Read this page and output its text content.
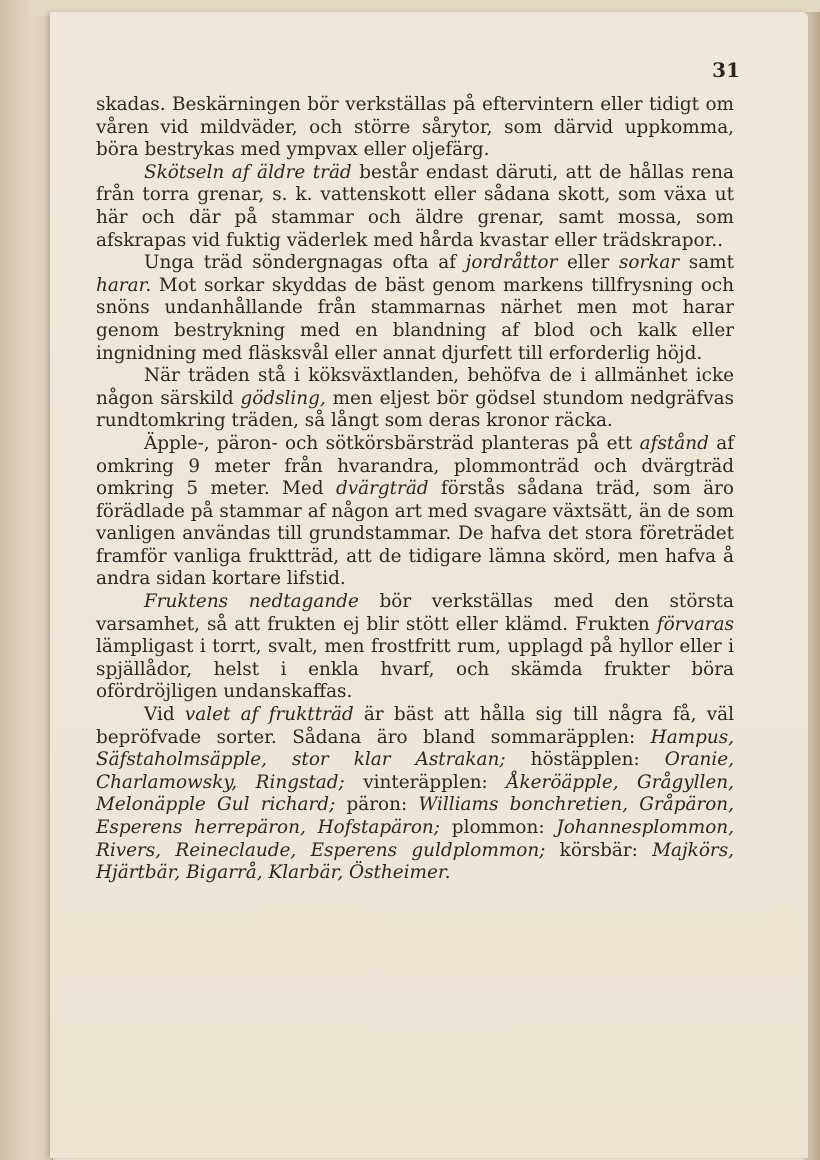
31

skadas. Beskärningen bör verkställas på eftervintern eller tidigt om våren vid mildväder, och större sårytor, som därvid uppkomma, böra bestrykas med ympvax eller oljefärg.

Skötseln af äldre träd består endast däruti, att de hållas rena från torra grenar, s. k. vattenskott eller sådana skott, som växa ut här och där på stammar och äldre grenar, samt mossa, som afskrapas vid fuktig väderlek med hårda kvastar eller trädskrapor..

Unga träd söndergnagas ofta af jordråttor eller sorkar samt harar. Mot sorkar skyddas de bäst genom markens tillfrysning och snöns undanhållande från stammarnas närhet men mot harar genom bestrykning med en blandning af blod och kalk eller ingnidning med fläsksvål eller annat djurfett till erforderlig höjd.

När träden stå i köksväxtlanden, behöfva de i allmänhet icke någon särskild gödsling, men eljest bör gödsel stundom nedgräfvas rundtomkring träden, så långt som deras kronor räcka.

Äpple-, päron- och sötkörsbärsträd planteras på ett afstånd af omkring 9 meter från hvarandra, plommonträd och dvärgträd omkring 5 meter. Med dvärgträd förstås sådana träd, som äro förädlade på stammar af någon art med svagare växtsätt, än de som vanligen användas till grundstammar. De hafva det stora företrädet framför vanliga fruktträd, att de tidigare lämna skörd, men hafva å andra sidan kortare lifstid.

Fruktens nedtagande bör verkställas med den största varsamhet, så att frukten ej blir stött eller klämd. Frukten förvaras lämpligast i torrt, svalt, men frostfritt rum, upplagd på hyllor eller i spjällådor, helst i enkla hvarf, och skämda frukter böra ofördröjligen undanskaffas.

Vid valet af fruktträd är bäst att hålla sig till några få, väl bepröfvade sorter. Sådana äro bland sommaräpplen: Hampus, Säfstaholmsäpple, stor klar Astrakan; höstäpplen: Oranie, Charlamowsky, Ringstad; vinteräpplen: Åkeröäpple, Grågyllen, Melonäpple Gul richard; päron: Williams bonchretien, Gråpäron, Esperens herrepäron, Hofstapäron; plommon: Johannesplommon, Rivers, Reineclaude, Esperens guldplommon; körsbär: Majkörs, Hjärtbär, Bigarrå, Klarbär, Östheimer.
